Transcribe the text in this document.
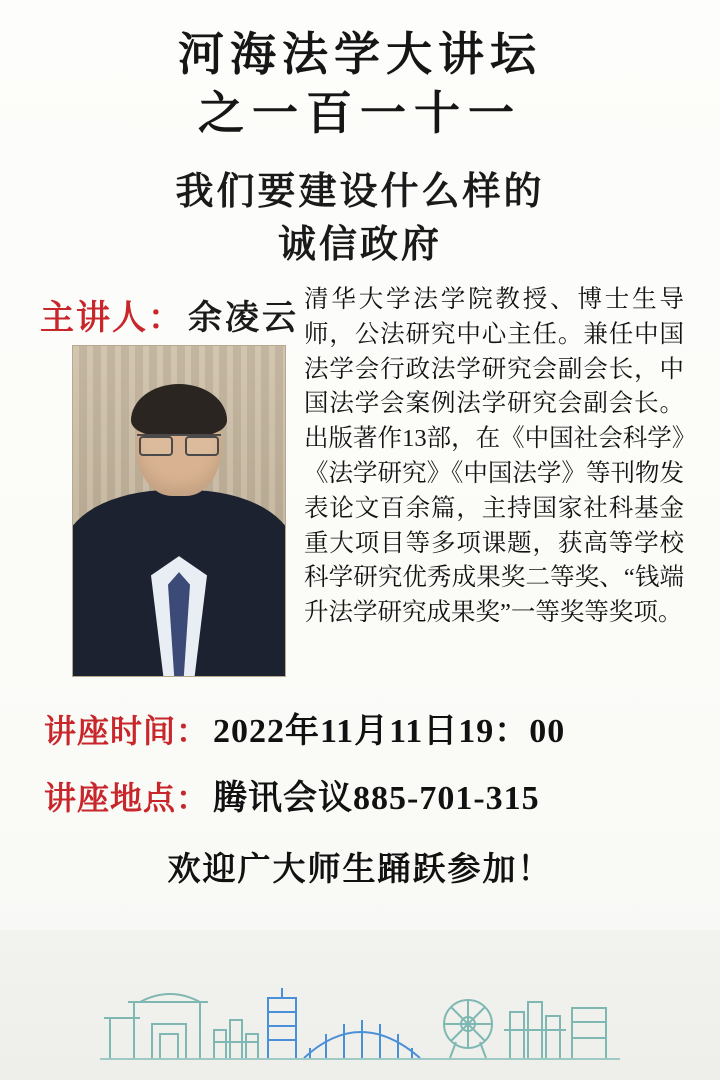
河海法学大讲坛
之一百一十一
我们要建设什么样的
诚信政府
主讲人： 余凌云
清华大学法学院教授、博士生导师，公法研究中心主任。兼任中国法学会行政法学研究会副会长，中国法学会案例法学研究会副会长。出版著作13部，在《中国社会科学》《法学研究》《中国法学》等刊物发表论文百余篇，主持国家社科基金重大项目等多项课题，获高等学校科学研究优秀成果奖二等奖、“钱端升法学研究成果奖”一等奖等奖项。
讲座时间： 2022年11月11日19：00
讲座地点： 腾讯会议885-701-315
欢迎广大师生踊跃参加！
